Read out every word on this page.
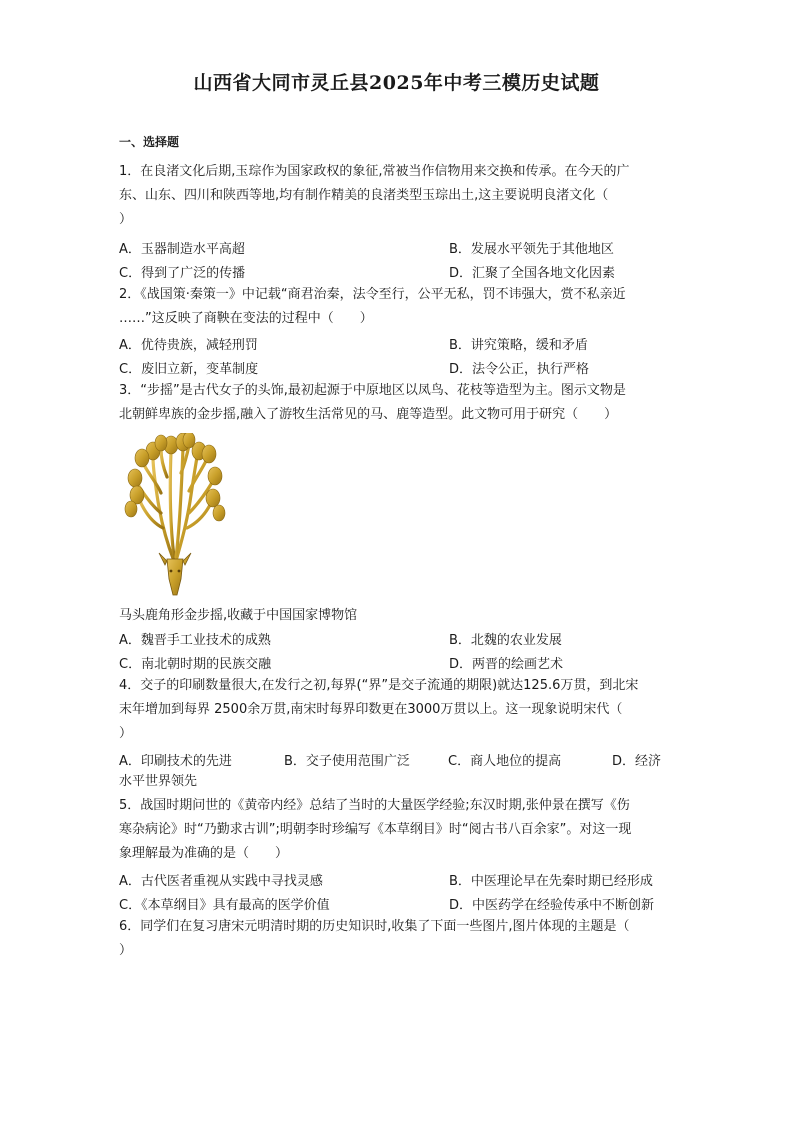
山西省大同市灵丘县2025年中考三模历史试题
一、选择题
1．在良渚文化后期,玉琮作为国家政权的象征,常被当作信物用来交换和传承。在今天的广
东、山东、四川和陕西等地,均有制作精美的良渚类型玉琮出土,这主要说明良渚文化（
）
A．玉器制造水平高超	B．发展水平领先于其他地区
C．得到了广泛的传播	D．汇聚了全国各地文化因素
2．《战国策·秦策一》中记载“商君治秦，法令至行，公平无私，罚不讳强大，赏不私亲近
……”这反映了商鞅在变法的过程中（　　）
A．优待贵族，减轻刑罚	B．讲究策略，缓和矛盾
C．废旧立新，变革制度	D．法令公正，执行严格
3．“步摇”是古代女子的头饰,最初起源于中原地区以凤鸟、花枝等造型为主。图示文物是
北朝鲜卑族的金步摇,融入了游牧生活常见的马、鹿等造型。此文物可用于研究（　　）
马头鹿角形金步摇,收藏于中国国家博物馆
A．魏晋手工业技术的成熟	B．北魏的农业发展
C．南北朝时期的民族交融	D．两晋的绘画艺术
4．交子的印刷数量很大,在发行之初,每界(“界”是交子流通的期限)就达125.6万贯，到北宋
末年增加到每界 2500余万贯,南宋时每界印数更在3000万贯以上。这一现象说明宋代（
）
A．印刷技术的先进	B．交子使用范围广泛	C．商人地位的提高	D．经济
水平世界领先
5．战国时期问世的《黄帝内经》总结了当时的大量医学经验;东汉时期,张仲景在撰写《伤
寒杂病论》时“乃勤求古训”;明朝李时珍编写《本草纲目》时“阅古书八百余家”。对这一现
象理解最为准确的是（　　）
A．古代医者重视从实践中寻找灵感	B．中医理论早在先秦时期已经形成
C．《本草纲目》具有最高的医学价值	D．中医药学在经验传承中不断创新
6．同学们在复习唐宋元明清时期的历史知识时,收集了下面一些图片,图片体现的主题是（
）
